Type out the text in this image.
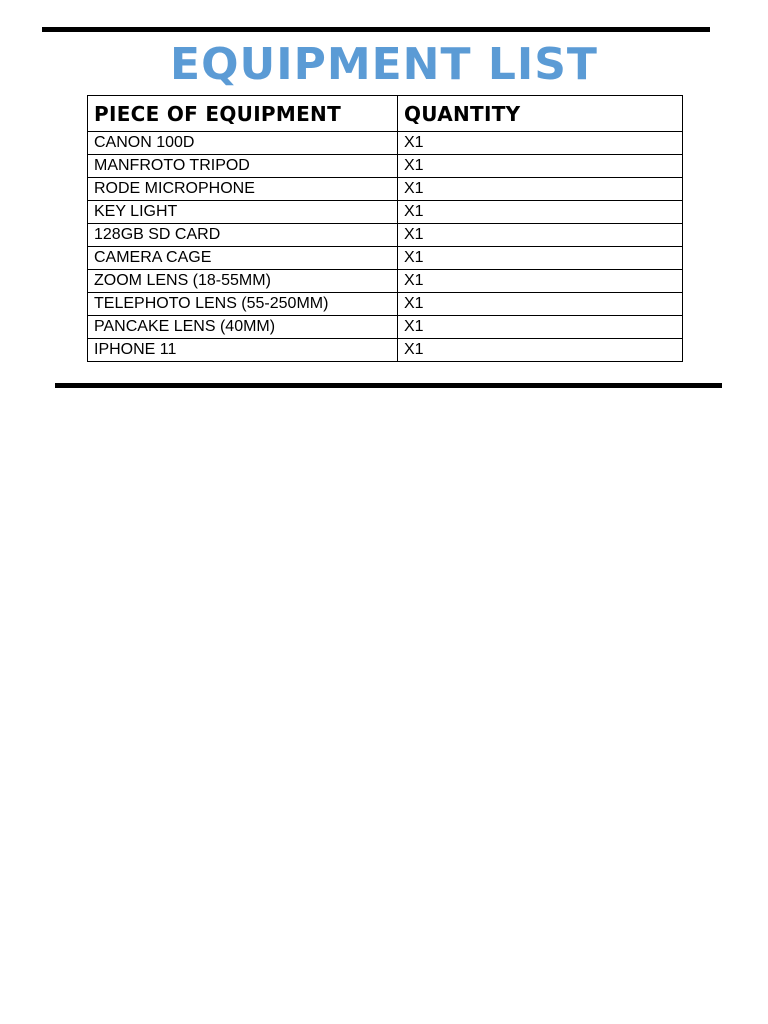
EQUIPMENT LIST
PIECE OF EQUIPMENT	QUANTITY
CANON 100D	X1
MANFROTO TRIPOD	X1
RODE MICROPHONE	X1
KEY LIGHT	X1
128GB SD CARD	X1
CAMERA CAGE	X1
ZOOM LENS (18-55MM)	X1
TELEPHOTO LENS (55-250MM)	X1
PANCAKE LENS (40MM)	X1
IPHONE 11	X1
